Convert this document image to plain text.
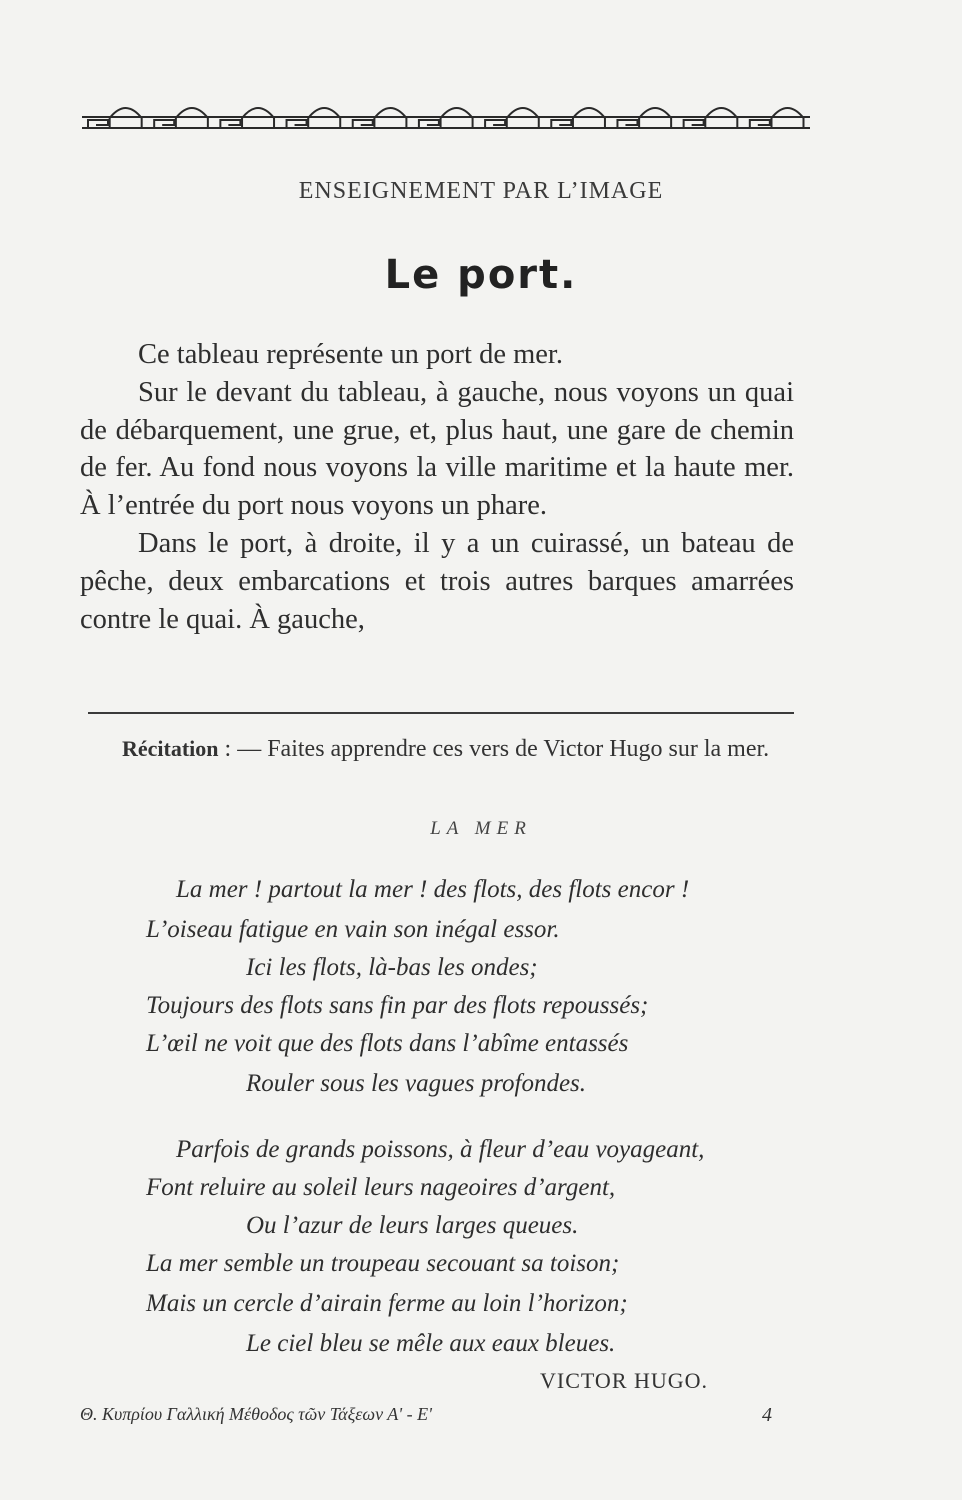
ENSEIGNEMENT PAR L’IMAGE
Le port.

Ce tableau représente un port de mer.

Sur le devant du tableau, à gauche, nous voyons un quai de débarquement, une grue, et, plus haut, une gare de chemin de fer. Au fond nous voyons la ville maritime et la haute mer. À l’entrée du port nous voyons un phare.

Dans le port, à droite, il y a un cuirassé, un bateau de pêche, deux embarcations et trois autres barques amarrées contre le quai. À gauche,

Récitation : — Faites apprendre ces vers de Victor Hugo sur la mer.

LA MER
La mer ! partout la mer ! des flots, des flots encor !
L’oiseau fatigue en vain son inégal essor.
Ici les flots, là-bas les ondes;
Toujours des flots sans fin par des flots repoussés;
L’œil ne voit que des flots dans l’abîme entassés
Rouler sous les vagues profondes.
Parfois de grands poissons, à fleur d’eau voyageant,
Font reluire au soleil leurs nageoires d’argent,
Ou l’azur de leurs larges queues.
La mer semble un troupeau secouant sa toison;
Mais un cercle d’airain ferme au loin l’horizon;
Le ciel bleu se mêle aux eaux bleues.
VICTOR HUGO.
Θ. Κυπρίου Γαλλική Μέθοδος τῶν Τάξεων Α' - Ε'	4
